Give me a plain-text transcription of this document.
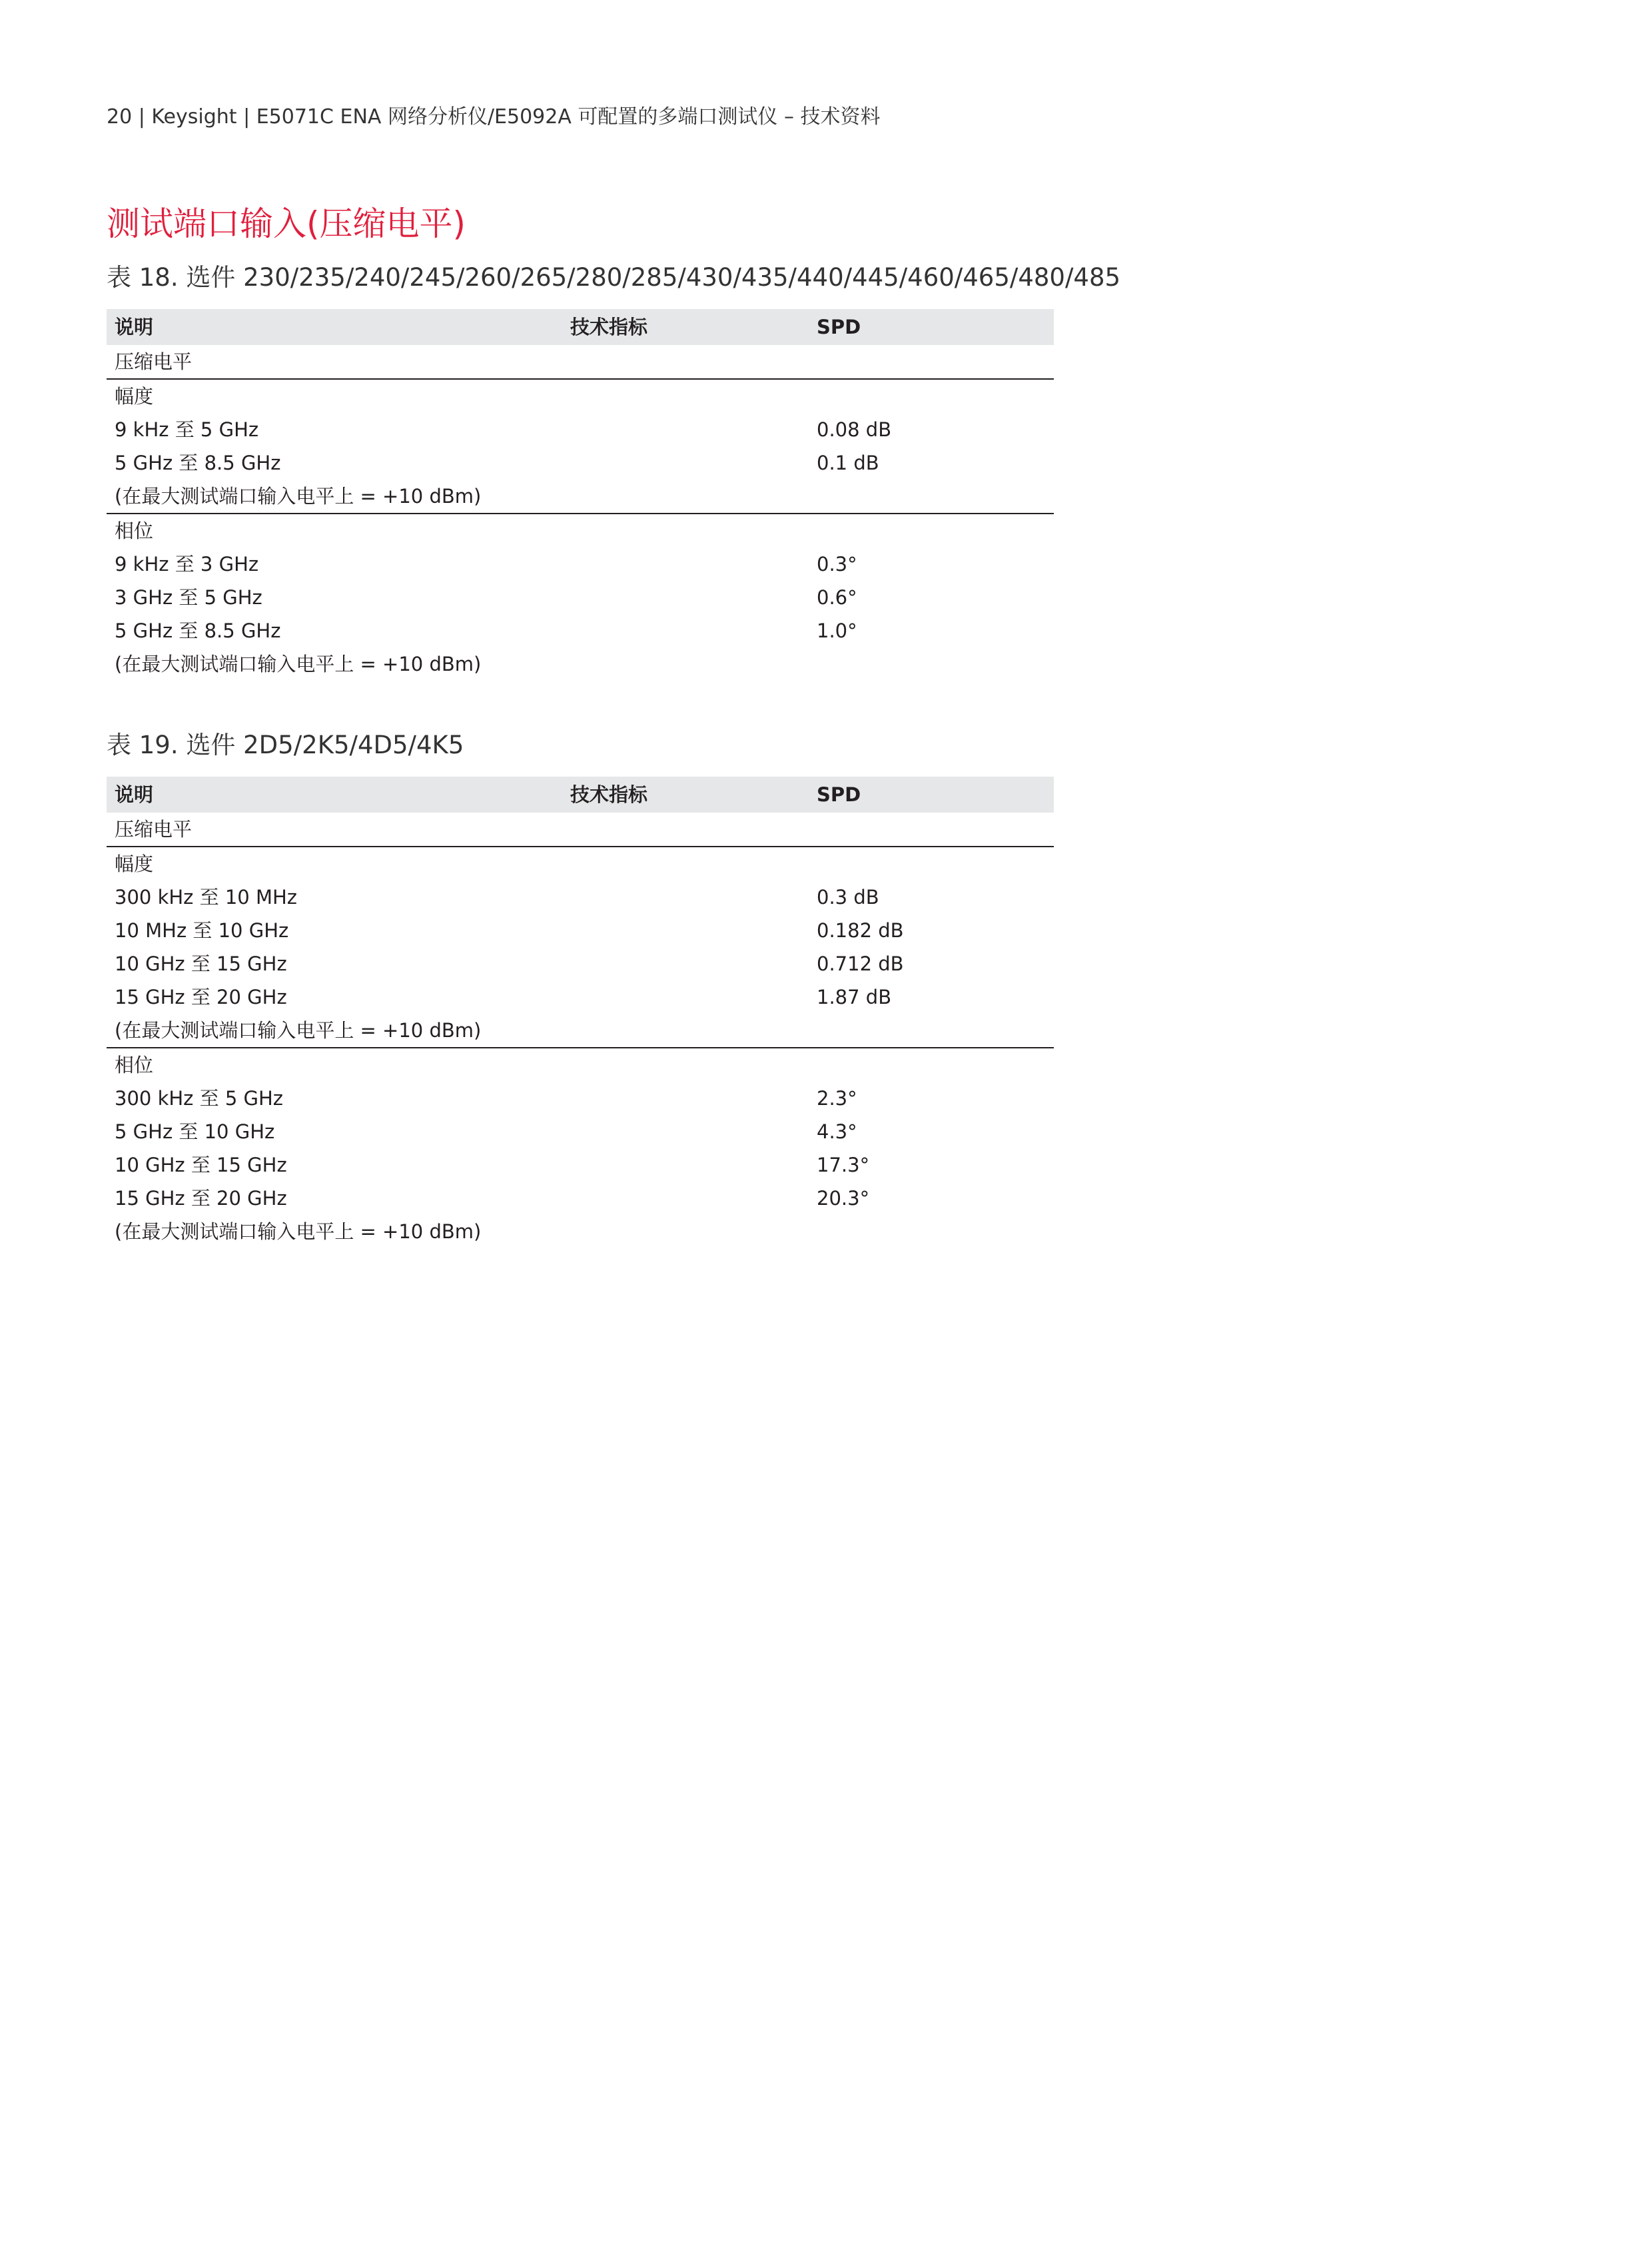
20 | Keysight | E5071C ENA 网络分析仪/E5092A 可配置的多端口测试仪 – 技术资料
测试端口输入(压缩电平)
表 18. 选件 230/235/240/245/260/265/280/285/430/435/440/445/460/465/480/485
说明	技术指标	SPD
压缩电平
幅度
9 kHz 至 5 GHz	0.08 dB
5 GHz 至 8.5 GHz	0.1 dB
(在最大测试端口输入电平上 = +10 dBm)
相位
9 kHz 至 3 GHz	0.3°
3 GHz 至 5 GHz	0.6°
5 GHz 至 8.5 GHz	1.0°
(在最大测试端口输入电平上 = +10 dBm)
表 19. 选件 2D5/2K5/4D5/4K5
说明	技术指标	SPD
压缩电平
幅度
300 kHz 至 10 MHz	0.3 dB
10 MHz 至 10 GHz	0.182 dB
10 GHz 至 15 GHz	0.712 dB
15 GHz 至 20 GHz	1.87 dB
(在最大测试端口输入电平上 = +10 dBm)
相位
300 kHz 至 5 GHz	2.3°
5 GHz 至 10 GHz	4.3°
10 GHz 至 15 GHz	17.3°
15 GHz 至 20 GHz	20.3°
(在最大测试端口输入电平上 = +10 dBm)
